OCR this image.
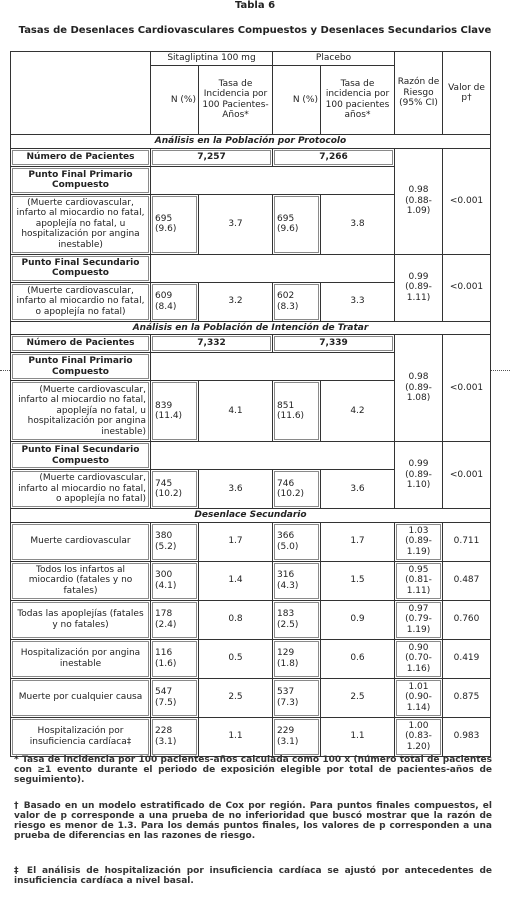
Tabla 6
Tasas de Desenlaces Cardiovasculares Compuestos y Desenlaces Secundarios Clave
	Sitagliptina 100 mg		Placebo		Razón de Riesgo (95% CI)	Valor de p†
	N (%)	Tasa de Incidencia por 100 Pacientes-Años*	N (%)	Tasa de incidencia por 100 pacientes años*		
Análisis en la Población por Protocolo						

Número de Pacientes	7,257		7,266		0.98 (0.88-1.09)	<0.001

Punto Final Primario Compuesto						

(Muerte cardiovascular, infarto al miocardio no fatal, apoplejía no fatal, u hospitalización por angina inestable)	695 (9.6)	3.7	695 (9.6)	3.8		

Punto Final Secundario Compuesto					0.99 (0.89-1.11)	<0.001

(Muerte cardiovascular, infarto al miocardio no fatal, o apoplejía no fatal)	609 (8.4)	3.2	602 (8.3)	3.3		
Análisis en la Población de Intención de Tratar						

Número de Pacientes	7,332		7,339		0.98 (0.89-1.08)	<0.001

Punto Final Primario Compuesto						

(Muerte cardiovascular, infarto al miocardio no fatal, apoplejía no fatal, u hospitalización por angina inestable)	839 (11.4)	4.1	851 (11.6)	4.2		

Punto Final Secundario Compuesto					0.99 (0.89-1.10)	<0.001

(Muerte cardiovascular, infarto al miocardio no fatal, o apoplejía no fatal)	745 (10.2)	3.6	746 (10.2)	3.6		
Desenlace Secundario						

Muerte cardiovascular	380 (5.2)	1.7	366 (5.0)	1.7	1.03 (0.89-1.19)	0.711

Todos los infartos al miocardio (fatales y no fatales)	300 (4.1)	1.4	316 (4.3)	1.5	0.95 (0.81-1.11)	0.487

Todas las apoplejías (fatales y no fatales)	178 (2.4)	0.8	183 (2.5)	0.9	0.97 (0.79-1.19)	0.760

Hospitalización por angina inestable	116 (1.6)	0.5	129 (1.8)	0.6	0.90 (0.70-1.16)	0.419

Muerte por cualquier causa	547 (7.5)	2.5	537 (7.3)	2.5	1.01 (0.90-1.14)	0.875

Hospitalización por insuficiencia cardíaca‡	228 (3.1)	1.1	229 (3.1)	1.1	1.00 (0.83-1.20)	0.983
* Tasa de incidencia por 100 pacientes-años calculada como 100 x (número total de pacientes con ≥1 evento durante el periodo de exposición elegible por total de pacientes-años de seguimiento).
† Basado en un modelo estratificado de Cox por región. Para puntos finales compuestos, el valor de p corresponde a una prueba de no inferioridad que buscó mostrar que la razón de riesgo es menor de 1.3. Para los demás puntos finales, los valores de p corresponden a una prueba de diferencias en las razones de riesgo.
‡ El análisis de hospitalización por insuficiencia cardíaca se ajustó por antecedentes de insuficiencia cardíaca a nivel basal.
